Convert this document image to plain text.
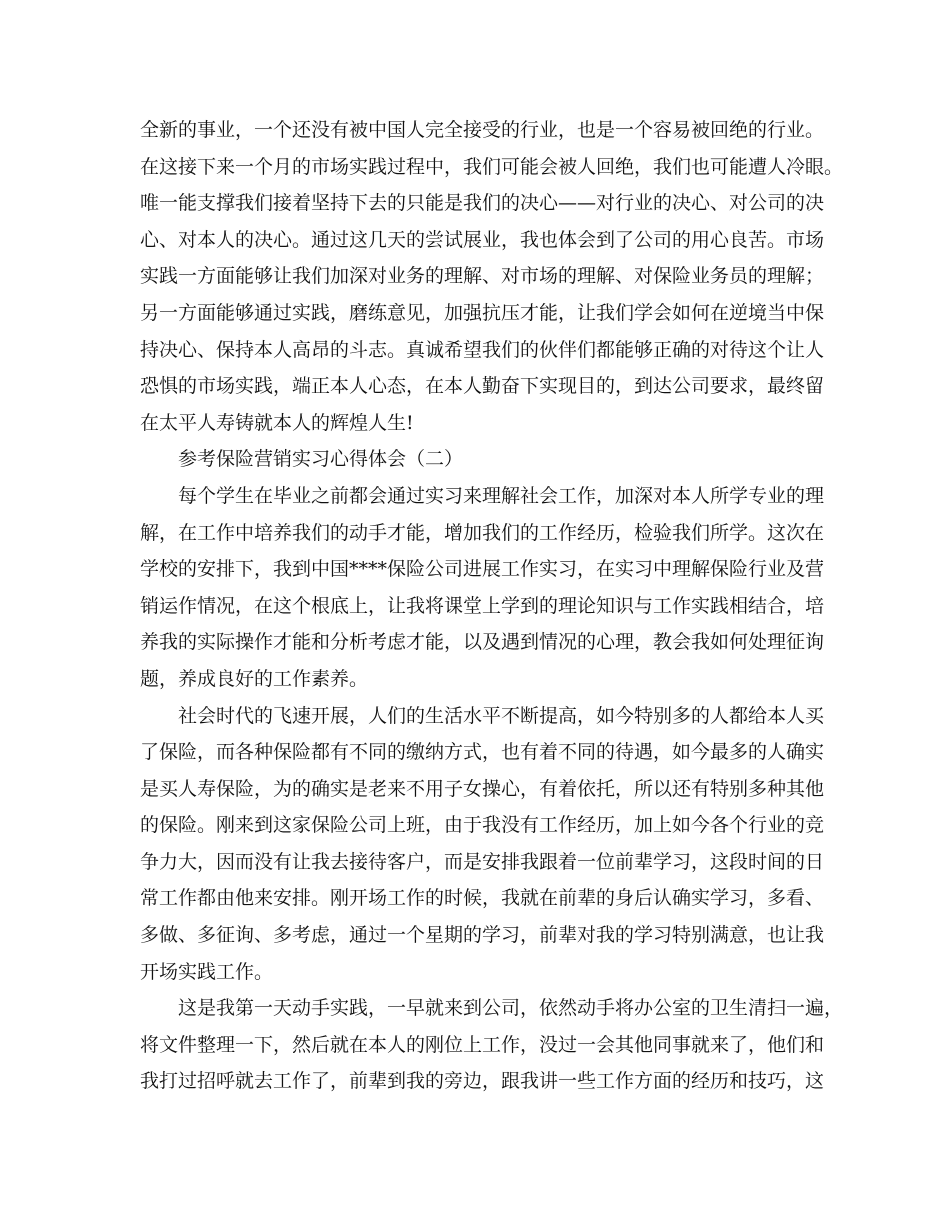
全新的事业，一个还没有被中国人完全接受的行业，也是一个容易被回绝的行业。
在这接下来一个月的市场实践过程中，我们可能会被人回绝，我们也可能遭人冷眼。
唯一能支撑我们接着坚持下去的只能是我们的决心——对行业的决心、对公司的决
心、对本人的决心。通过这几天的尝试展业，我也体会到了公司的用心良苦。市场
实践一方面能够让我们加深对业务的理解、对市场的理解、对保险业务员的理解；
另一方面能够通过实践，磨练意见，加强抗压才能，让我们学会如何在逆境当中保
持决心、保持本人高昂的斗志。真诚希望我们的伙伴们都能够正确的对待这个让人
恐惧的市场实践，端正本人心态，在本人勤奋下实现目的，到达公司要求，最终留
在太平人寿铸就本人的辉煌人生!
参考保险营销实习心得体会（二）
每个学生在毕业之前都会通过实习来理解社会工作，加深对本人所学专业的理
解，在工作中培养我们的动手才能，增加我们的工作经历，检验我们所学。这次在
学校的安排下，我到中国****保险公司进展工作实习，在实习中理解保险行业及营
销运作情况，在这个根底上，让我将课堂上学到的理论知识与工作实践相结合，培
养我的实际操作才能和分析考虑才能，以及遇到情况的心理，教会我如何处理征询
题，养成良好的工作素养。
社会时代的飞速开展，人们的生活水平不断提高，如今特别多的人都给本人买
了保险，而各种保险都有不同的缴纳方式，也有着不同的待遇，如今最多的人确实
是买人寿保险，为的确实是老来不用子女操心，有着依托，所以还有特别多种其他
的保险。刚来到这家保险公司上班，由于我没有工作经历，加上如今各个行业的竞
争力大，因而没有让我去接待客户，而是安排我跟着一位前辈学习，这段时间的日
常工作都由他来安排。刚开场工作的时候，我就在前辈的身后认确实学习，多看、
多做、多征询、多考虑，通过一个星期的学习，前辈对我的学习特别满意，也让我
开场实践工作。
这是我第一天动手实践，一早就来到公司，依然动手将办公室的卫生清扫一遍，
将文件整理一下，然后就在本人的刚位上工作，没过一会其他同事就来了，他们和
我打过招呼就去工作了，前辈到我的旁边，跟我讲一些工作方面的经历和技巧，这
